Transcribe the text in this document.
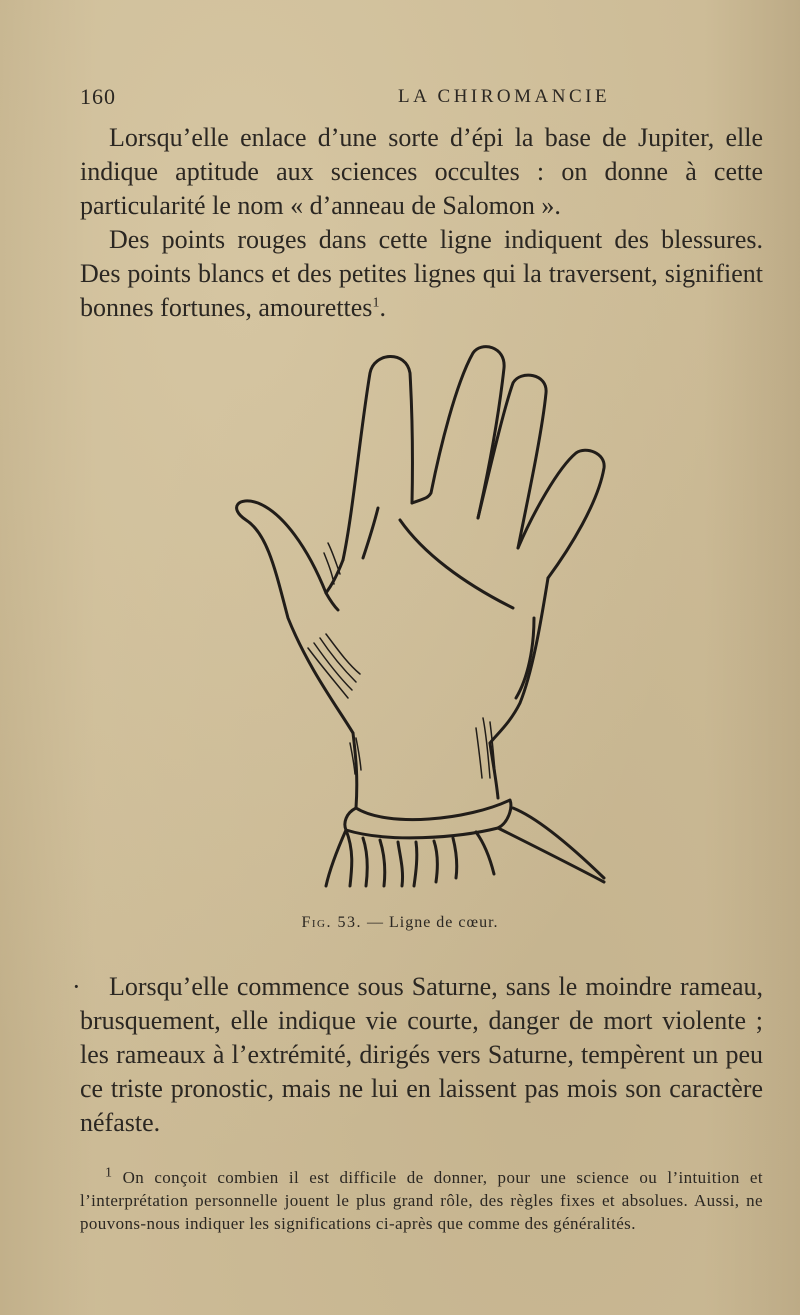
160	LA CHIROMANCIE

Lorsqu’elle enlace d’une sorte d’épi la base de Jupiter, elle indique aptitude aux sciences occultes : on donne à cette particularité le nom « d’anneau de Salomon ».

Des points rouges dans cette ligne indiquent des blessures. Des points blancs et des petites lignes qui la traversent, signifient bonnes fortunes, amourettes$^1$.

Fig. 53. — Ligne de cœur.
·	Lorsqu’elle commence sous Saturne, sans le moindre rameau, brusquement, elle indique vie courte, danger de mort violente ; les rameaux à l’extrémité, dirigés vers Saturne, tempèrent un peu ce triste pronostic, mais ne lui en laissent pas mois son caractère néfaste.

$^1$ On conçoit combien il est difficile de donner, pour une science ou l’intuition et l’interprétation personnelle jouent le plus grand rôle, des règles fixes et absolues. Aussi, ne pouvons-nous indiquer les significations ci-après que comme des généralités.
